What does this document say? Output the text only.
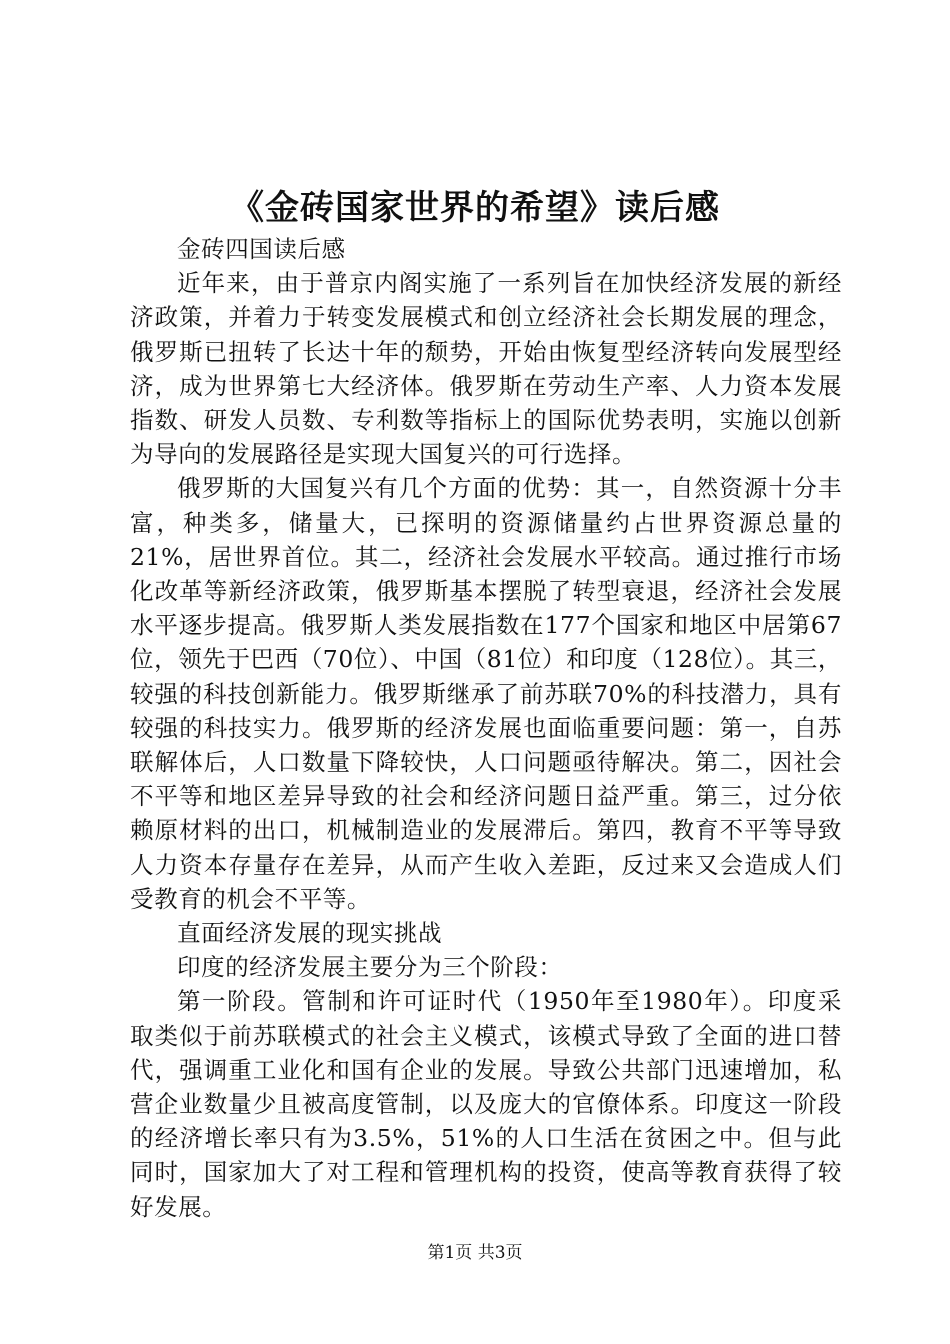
《金砖国家世界的希望》读后感

金砖四国读后感

近年来，由于普京内阁实施了一系列旨在加快经济发展的新经济政策，并着力于转变发展模式和创立经济社会长期发展的理念，俄罗斯已扭转了长达十年的颓势，开始由恢复型经济转向发展型经济，成为世界第七大经济体。俄罗斯在劳动生产率、人力资本发展指数、研发人员数、专利数等指标上的国际优势表明，实施以创新为导向的发展路径是实现大国复兴的可行选择。

俄罗斯的大国复兴有几个方面的优势：其一，自然资源十分丰富，种类多，储量大，已探明的资源储量约占世界资源总量的21%，居世界首位。其二，经济社会发展水平较高。通过推行市场化改革等新经济政策，俄罗斯基本摆脱了转型衰退，经济社会发展水平逐步提高。俄罗斯人类发展指数在177个国家和地区中居第67位，领先于巴西（70位）、中国（81位）和印度（128位）。其三，较强的科技创新能力。俄罗斯继承了前苏联70%的科技潜力，具有较强的科技实力。俄罗斯的经济发展也面临重要问题：第一，自苏联解体后，人口数量下降较快，人口问题亟待解决。第二，因社会不平等和地区差异导致的社会和经济问题日益严重。第三，过分依赖原材料的出口，机械制造业的发展滞后。第四，教育不平等导致人力资本存量存在差异，从而产生收入差距，反过来又会造成人们受教育的机会不平等。

直面经济发展的现实挑战

印度的经济发展主要分为三个阶段：

第一阶段。管制和许可证时代（1950年至1980年）。印度采取类似于前苏联模式的社会主义模式，该模式导致了全面的进口替代，强调重工业化和国有企业的发展。导致公共部门迅速增加，私营企业数量少且被高度管制，以及庞大的官僚体系。印度这一阶段的经济增长率只有为3.5%，51%的人口生活在贫困之中。但与此同时，国家加大了对工程和管理机构的投资，使高等教育获得了较好发展。

第1页 共3页
